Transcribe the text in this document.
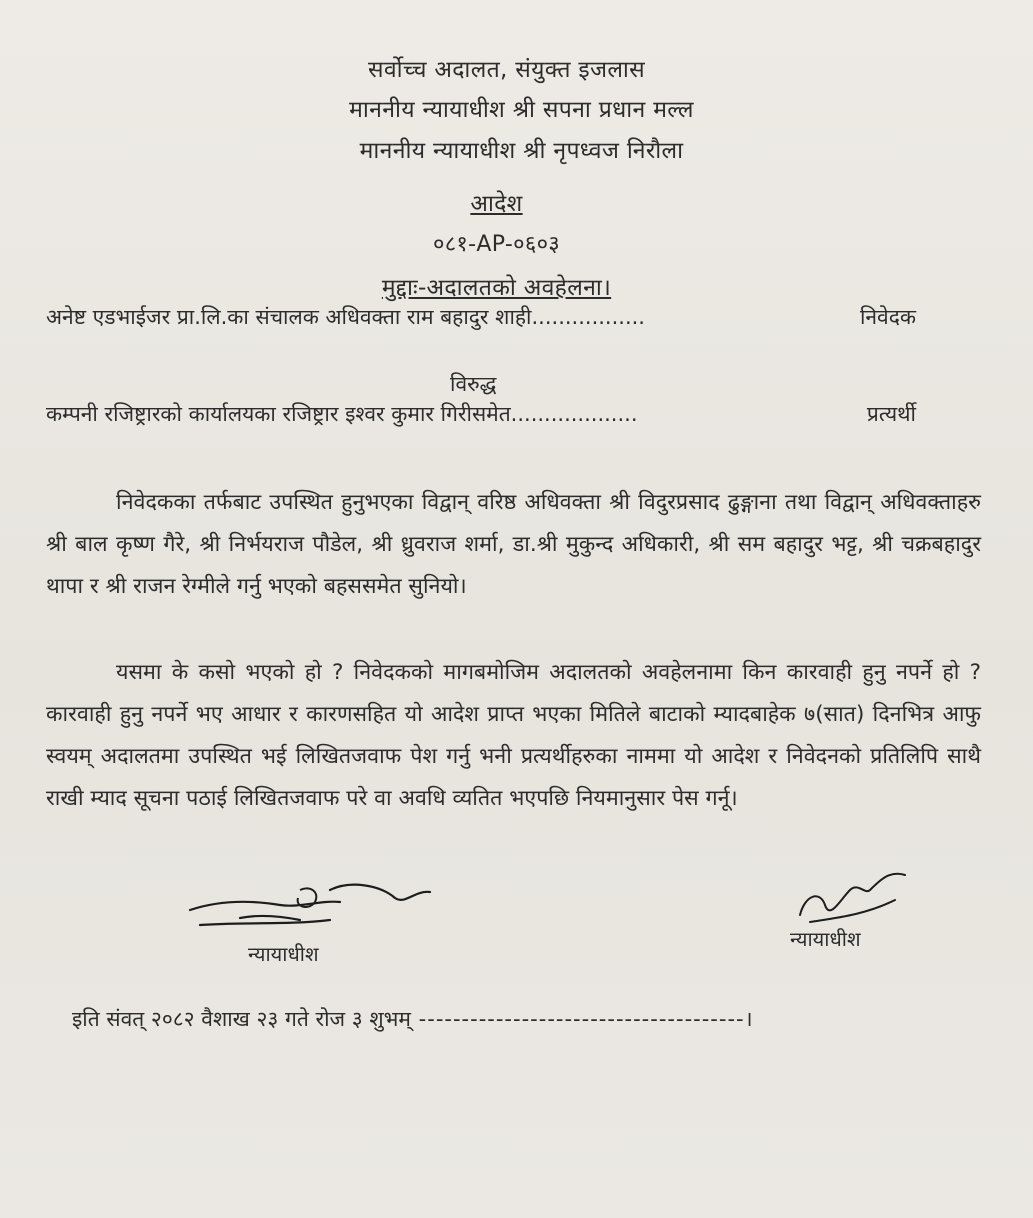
सर्वोच्च अदालत, संयुक्त इजलास
माननीय न्यायाधीश श्री सपना प्रधान मल्ल
माननीय न्यायाधीश श्री नृपध्वज निरौला
आदेश
०८१-AP-०६०३
मुद्दाः-अदालतको अवहेलना।
अनेष्ट एडभाईजर प्रा.लि.का संचालक अधिवक्ता राम बहादुर शाही.................	निवेदक
विरुद्ध
कम्पनी रजिष्ट्रारको कार्यालयका रजिष्ट्रार इश्वर कुमार गिरीसमेत...................	प्रत्यर्थी
निवेदकका तर्फबाट उपस्थित हुनुभएका विद्वान् वरिष्ठ अधिवक्ता श्री विदुरप्रसाद ढुङ्गाना तथा विद्वान् अधिवक्ताहरु श्री बाल कृष्ण गैरे, श्री निर्भयराज पौडेल, श्री ध्रुवराज शर्मा, डा.श्री मुकुन्द अधिकारी, श्री सम बहादुर भट्ट, श्री चक्रबहादुर थापा र श्री राजन रेग्मीले गर्नु भएको बहससमेत सुनियो।
यसमा के कसो भएको हो ? निवेदकको मागबमोजिम अदालतको अवहेलनामा किन कारवाही हुनु नपर्ने हो ? कारवाही हुनु नपर्ने भए आधार र कारणसहित यो आदेश प्राप्त भएका मितिले बाटाको म्यादबाहेक ७(सात) दिनभित्र आफु स्वयम् अदालतमा उपस्थित भई लिखितजवाफ पेश गर्नु भनी प्रत्यर्थीहरुका नाममा यो आदेश र निवेदनको प्रतिलिपि साथै राखी म्याद सूचना पठाई लिखितजवाफ परे वा अवधि व्यतित भएपछि नियमानुसार पेस गर्नू।
न्यायाधीश
न्यायाधीश
इति संवत् २०८२ वैशाख २३ गते रोज ३ शुभम् --------------------------------------।
